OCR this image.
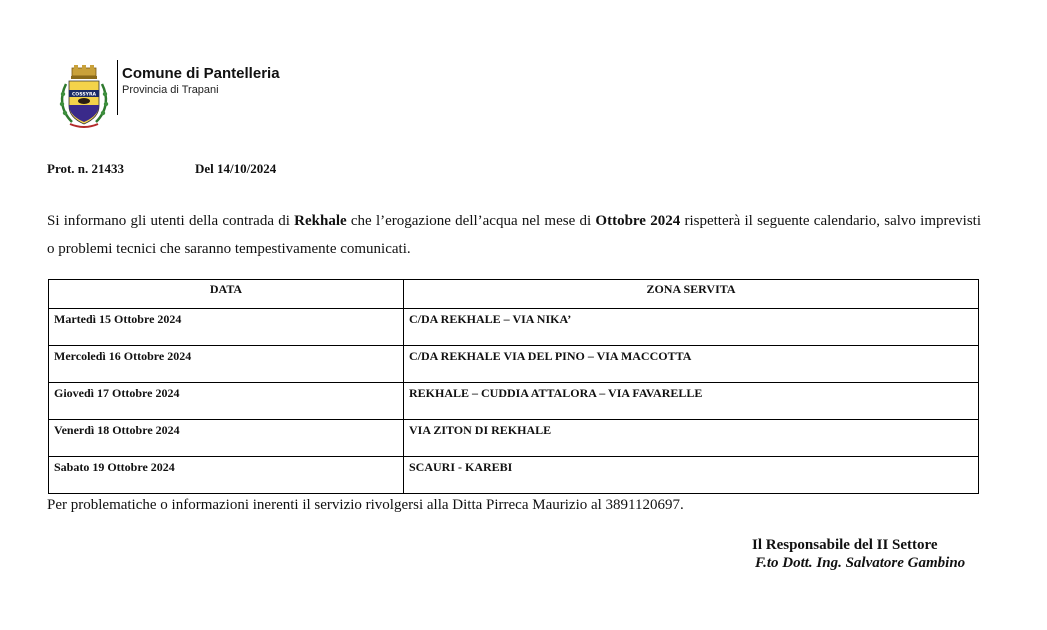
COSSYRA
Comune di Pantelleria
Provincia di Trapani
Prot. n. 21433	Del 14/10/2024
Si informano gli utenti della contrada di Rekhale che l’erogazione dell’acqua nel mese di Ottobre 2024 rispetterà il seguente calendario, salvo imprevisti o problemi tecnici che saranno tempestivamente comunicati.
DATA	ZONA SERVITA
Martedì 15 Ottobre 2024	C/DA REKHALE – VIA NIKA’
Mercoledì 16 Ottobre 2024	C/DA REKHALE VIA DEL PINO – VIA MACCOTTA
Giovedì 17 Ottobre 2024	REKHALE – CUDDIA ATTALORA – VIA FAVARELLE
Venerdì 18 Ottobre 2024	VIA ZITON DI REKHALE
Sabato 19 Ottobre 2024	SCAURI - KAREBI
Per problematiche o informazioni inerenti il servizio rivolgersi alla Ditta Pirreca Maurizio al 3891120697.
Il Responsabile del II Settore
F.to Dott. Ing. Salvatore Gambino
